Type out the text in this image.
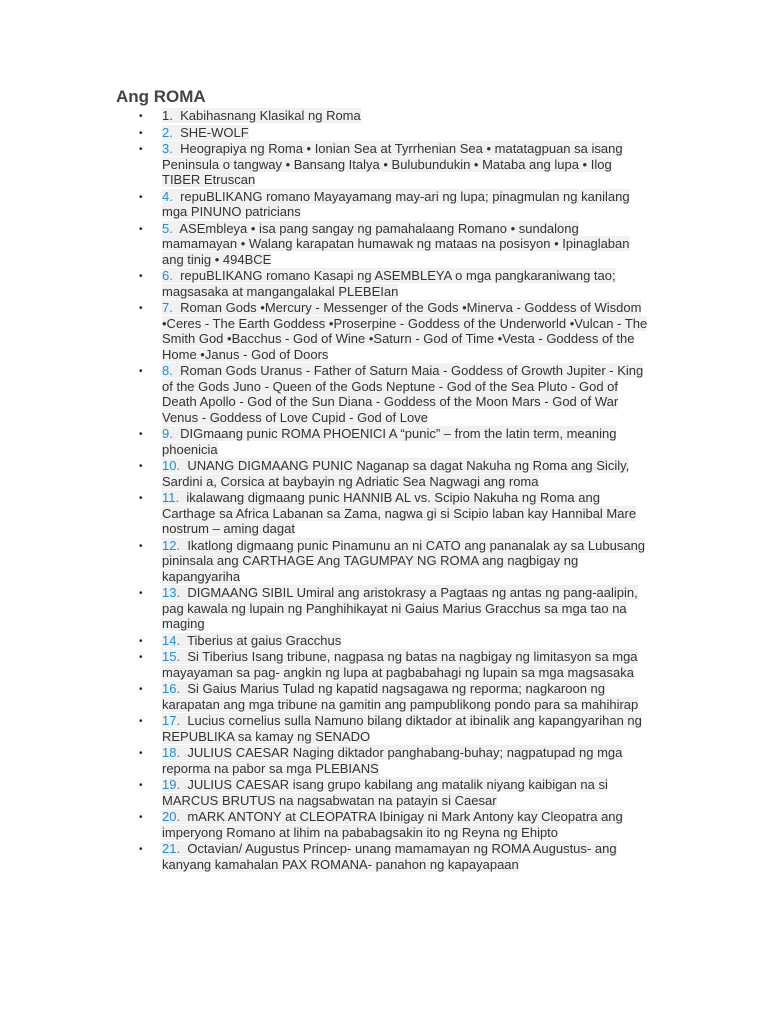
Ang ROMA
• 1. Kabihasnang Klasikal ng Roma
• 2. SHE-WOLF
• 3. Heograpiya ng Roma • Ionian Sea at Tyrrhenian Sea • matatagpuan sa isang Peninsula o tangway • Bansang Italya • Bulubundukin • Mataba ang lupa • Ilog TIBER Etruscan
• 4. repuBLIKANG romano Mayayamang may-ari ng lupa; pinagmulan ng kanilang mga PINUNO patricians
• 5. ASEmbleya • isa pang sangay ng pamahalaang Romano • sundalong mamamayan • Walang karapatan humawak ng mataas na posisyon • Ipinaglaban ang tinig • 494BCE
• 6. repuBLIKANG romano Kasapi ng ASEMBLEYA o mga pangkaraniwang tao; magsasaka at mangangalakal PLEBEIan
• 7. Roman Gods •Mercury - Messenger of the Gods •Minerva - Goddess of Wisdom •Ceres - The Earth Goddess •Proserpine - Goddess of the Underworld •Vulcan - The Smith God •Bacchus - God of Wine •Saturn - God of Time •Vesta - Goddess of the Home •Janus - God of Doors
• 8. Roman Gods Uranus - Father of Saturn Maia - Goddess of Growth Jupiter - King of the Gods Juno - Queen of the Gods Neptune - God of the Sea Pluto - God of Death Apollo - God of the Sun Diana - Goddess of the Moon Mars - God of War Venus - Goddess of Love Cupid - God of Love
• 9. DIGmaang punic ROMA PHOENICI A “punic” – from the latin term, meaning phoenicia
• 10. UNANG DIGMAANG PUNIC Naganap sa dagat Nakuha ng Roma ang Sicily, Sardini a, Corsica at baybayin ng Adriatic Sea Nagwagi ang roma
• 11. ikalawang digmaang punic HANNIB AL vs. Scipio Nakuha ng Roma ang Carthage sa Africa Labanan sa Zama, nagwa gi si Scipio laban kay Hannibal Mare nostrum – aming dagat
• 12. Ikatlong digmaang punic Pinamunu an ni CATO ang pananalak ay sa Lubusang pininsala ang CARTHAGE Ang TAGUMPAY NG ROMA ang nagbigay ng kapangyariha
• 13. DIGMAANG SIBIL Umiral ang aristokrasy a Pagtaas ng antas ng pang-aalipin, pag kawala ng lupain ng Panghihikayat ni Gaius Marius Gracchus sa mga tao na maging
• 14. Tiberius at gaius Gracchus
• 15. Si Tiberius Isang tribune, nagpasa ng batas na nagbigay ng limitasyon sa mga mayayaman sa pag- angkin ng lupa at pagbabahagi ng lupain sa mga magsasaka
• 16. Si Gaius Marius Tulad ng kapatid nagsagawa ng reporma; nagkaroon ng karapatan ang mga tribune na gamitin ang pampublikong pondo para sa mahihirap
• 17. Lucius cornelius sulla Namuno bilang diktador at ibinalik ang kapangyarihan ng REPUBLIKA sa kamay ng SENADO
• 18. JULIUS CAESAR Naging diktador panghabang-buhay; nagpatupad ng mga reporma na pabor sa mga PLEBIANS
• 19. JULIUS CAESAR isang grupo kabilang ang matalik niyang kaibigan na si MARCUS BRUTUS na nagsabwatan na patayin si Caesar
• 20. mARK ANTONY at CLEOPATRA Ibinigay ni Mark Antony kay Cleopatra ang imperyong Romano at lihim na pababagsakin ito ng Reyna ng Ehipto
• 21. Octavian/ Augustus Princep- unang mamamayan ng ROMA Augustus- ang kanyang kamahalan PAX ROMANA- panahon ng kapayapaan
